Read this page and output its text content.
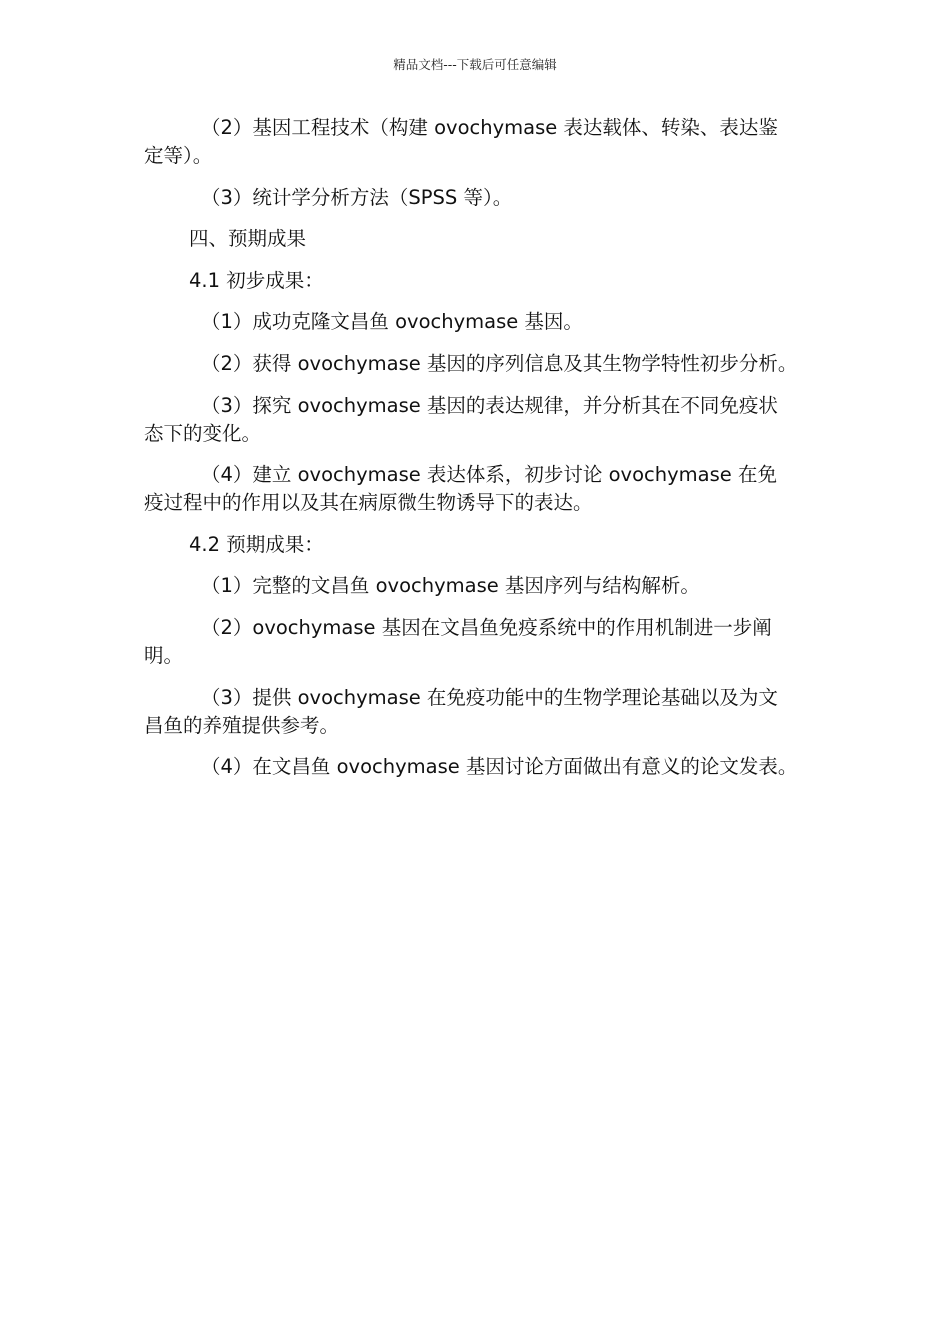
精品文档---下载后可任意编辑

（2）基因工程技术（构建 ovochymase 表达载体、转染、表达鉴
定等）。

（3）统计学分析方法（SPSS 等）。

四、预期成果

4.1 初步成果：

（1）成功克隆文昌鱼 ovochymase 基因。

（2）获得 ovochymase 基因的序列信息及其生物学特性初步分析。

（3）探究 ovochymase 基因的表达规律，并分析其在不同免疫状
态下的变化。

（4）建立 ovochymase 表达体系，初步讨论 ovochymase 在免
疫过程中的作用以及其在病原微生物诱导下的表达。

4.2 预期成果：

（1）完整的文昌鱼 ovochymase 基因序列与结构解析。

（2）ovochymase 基因在文昌鱼免疫系统中的作用机制进一步阐
明。

（3）提供 ovochymase 在免疫功能中的生物学理论基础以及为文
昌鱼的养殖提供参考。

（4）在文昌鱼 ovochymase 基因讨论方面做出有意义的论文发表。
